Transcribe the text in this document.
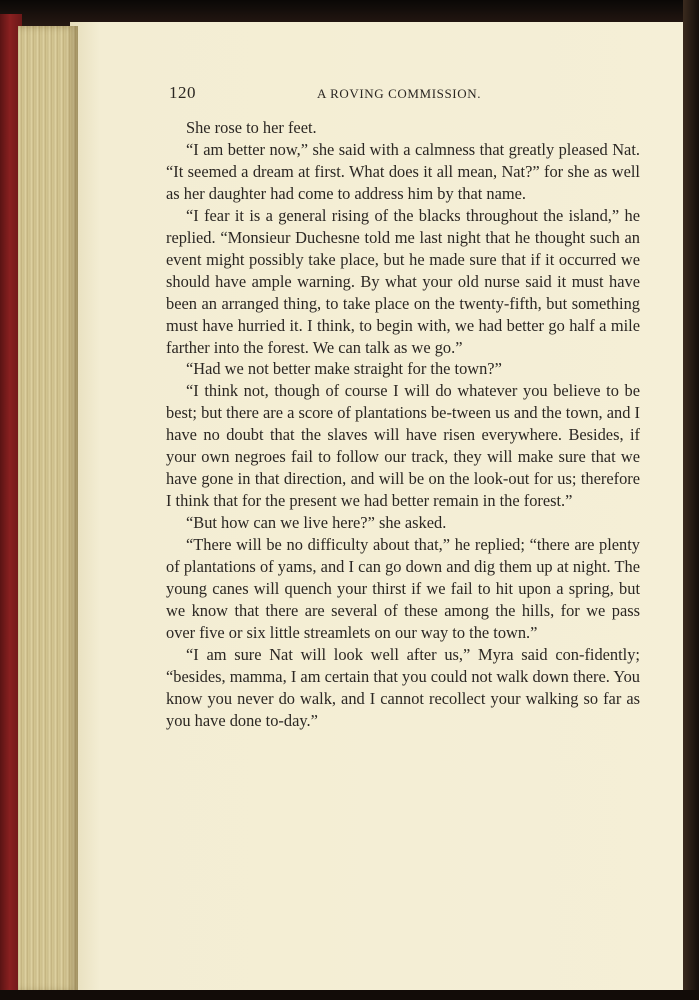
120	A ROVING COMMISSION.

She rose to her feet.

“I am better now,” she said with a calmness that greatly pleased Nat. “It seemed a dream at first. What does it all mean, Nat?” for she as well as her daughter had come to address him by that name.

“I fear it is a general rising of the blacks throughout the island,” he replied. “Monsieur Duchesne told me last night that he thought such an event might possibly take place, but he made sure that if it occurred we should have ample warning. By what your old nurse said it must have been an arranged thing, to take place on the twenty-fifth, but something must have hurried it. I think, to begin with, we had better go half a mile farther into the forest. We can talk as we go.”

“Had we not better make straight for the town?”

“I think not, though of course I will do whatever you believe to be best; but there are a score of plantations be-tween us and the town, and I have no doubt that the slaves will have risen everywhere. Besides, if your own negroes fail to follow our track, they will make sure that we have gone in that direction, and will be on the look-out for us; therefore I think that for the present we had better remain in the forest.”

“But how can we live here?” she asked.

“There will be no difficulty about that,” he replied; “there are plenty of plantations of yams, and I can go down and dig them up at night. The young canes will quench your thirst if we fail to hit upon a spring, but we know that there are several of these among the hills, for we pass over five or six little streamlets on our way to the town.”

“I am sure Nat will look well after us,” Myra said con-fidently; “besides, mamma, I am certain that you could not walk down there. You know you never do walk, and I cannot recollect your walking so far as you have done to-day.”
